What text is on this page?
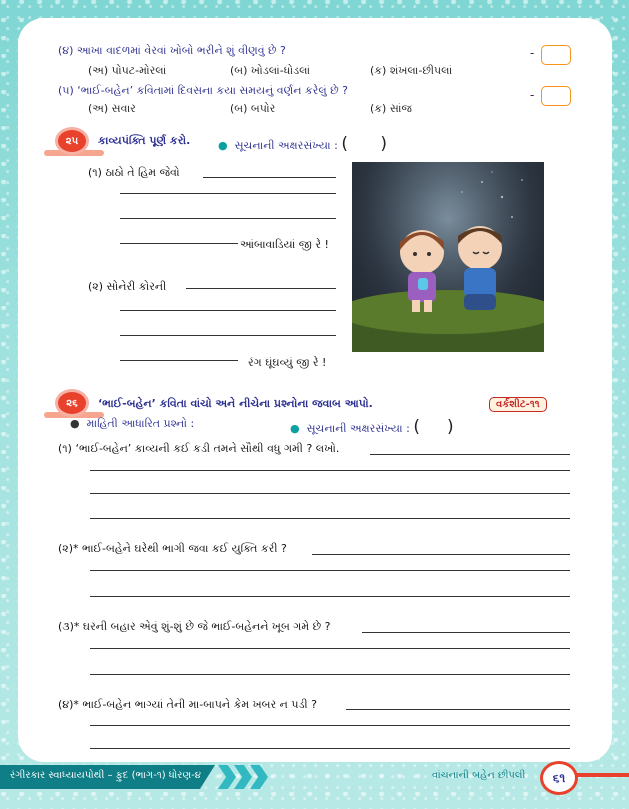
(૪) આખા વાદળમાં વેરવાં ખોબો ભરીને શું વીણવું છે ?
(અ) પોપટ-મોરલાં	(બ) ખોડલાં-ધોડલાં	(ક) શંખલા-છીપલાં
-
(૫) ‘ભાઈ-બહેન’ કવિતામાં દિવસના કયા સમયનું વર્ણન કરેલું છે ?
(અ) સવાર	(બ) બપોર	(ક) સાંજ
-
૨૫	કાવ્યપંક્તિ પૂર્ણ કરો.	● સૂચનાની અક્ષરસંખ્યા : (      )
(૧) ઠાઠો તે હિમ જેવો
આંબાવાડિયાં જી રે !
(૨) સોનેરી કોરની
રંગ ઘૂંઘવ્યું જી રે !
૨૬	‘ભાઈ-બહેન’ કવિતા વાંચો અને નીચેના પ્રશ્નોના જવાબ આપો.	વર્કશીટ-૧૧
● માહિતી આધારિત પ્રશ્નો :	● સૂચનાની અક્ષરસંખ્યા : (     )
(૧) ‘ભાઈ-બહેન’ કાવ્યની કઈ કડી તમને સૌથી વધુ ગમી ? લખો.
(૨)* ભાઈ-બહેને ઘરેથી ભાગી જવા કઈ યુક્તિ કરી ?
(૩)* ઘરની બહાર એવું શું-શું છે જે ભાઈ-બહેનને ખૂબ ગમે છે ?
(૪)* ભાઈ-બહેન ભાગ્યાં તેની મા-બાપને કેમ ખબર ન પડી ?
રંગીરકાર સ્વાધ્યાયપોથી – ફુદ (ભાગ-૧) ધોરણ-૪	વાંચનાની બહેન છીપલી	૬૧
